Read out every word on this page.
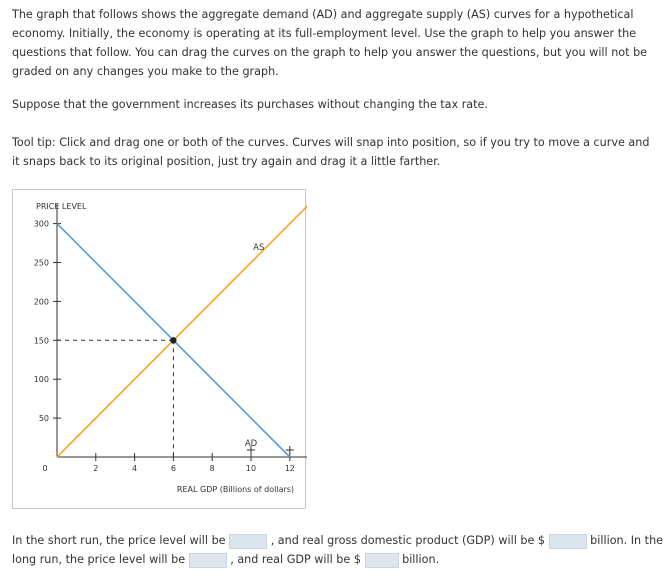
The graph that follows shows the aggregate demand (AD) and aggregate supply (AS) curves for a hypothetical economy. Initially, the economy is operating at its full-employment level. Use the graph to help you answer the questions that follow. You can drag the curves on the graph to help you answer the questions, but you will not be graded on any changes you make to the graph.

Suppose that the government increases its purchases without changing the tax rate.

Tool tip: Click and drag one or both of the curves. Curves will snap into position, so if you try to move a curve and it snaps back to its original position, just try again and drag it a little farther.

PRICE LEVEL
REAL GDP (Billions of dollars)
0
50
100
150
200
250
300
2	4	6	8	10	12
AS
AD
In the short run, the price level will be	, and real gross domestic product (GDP) will be $	billion. In the
long run, the price level will be	, and real GDP will be $	billion.
